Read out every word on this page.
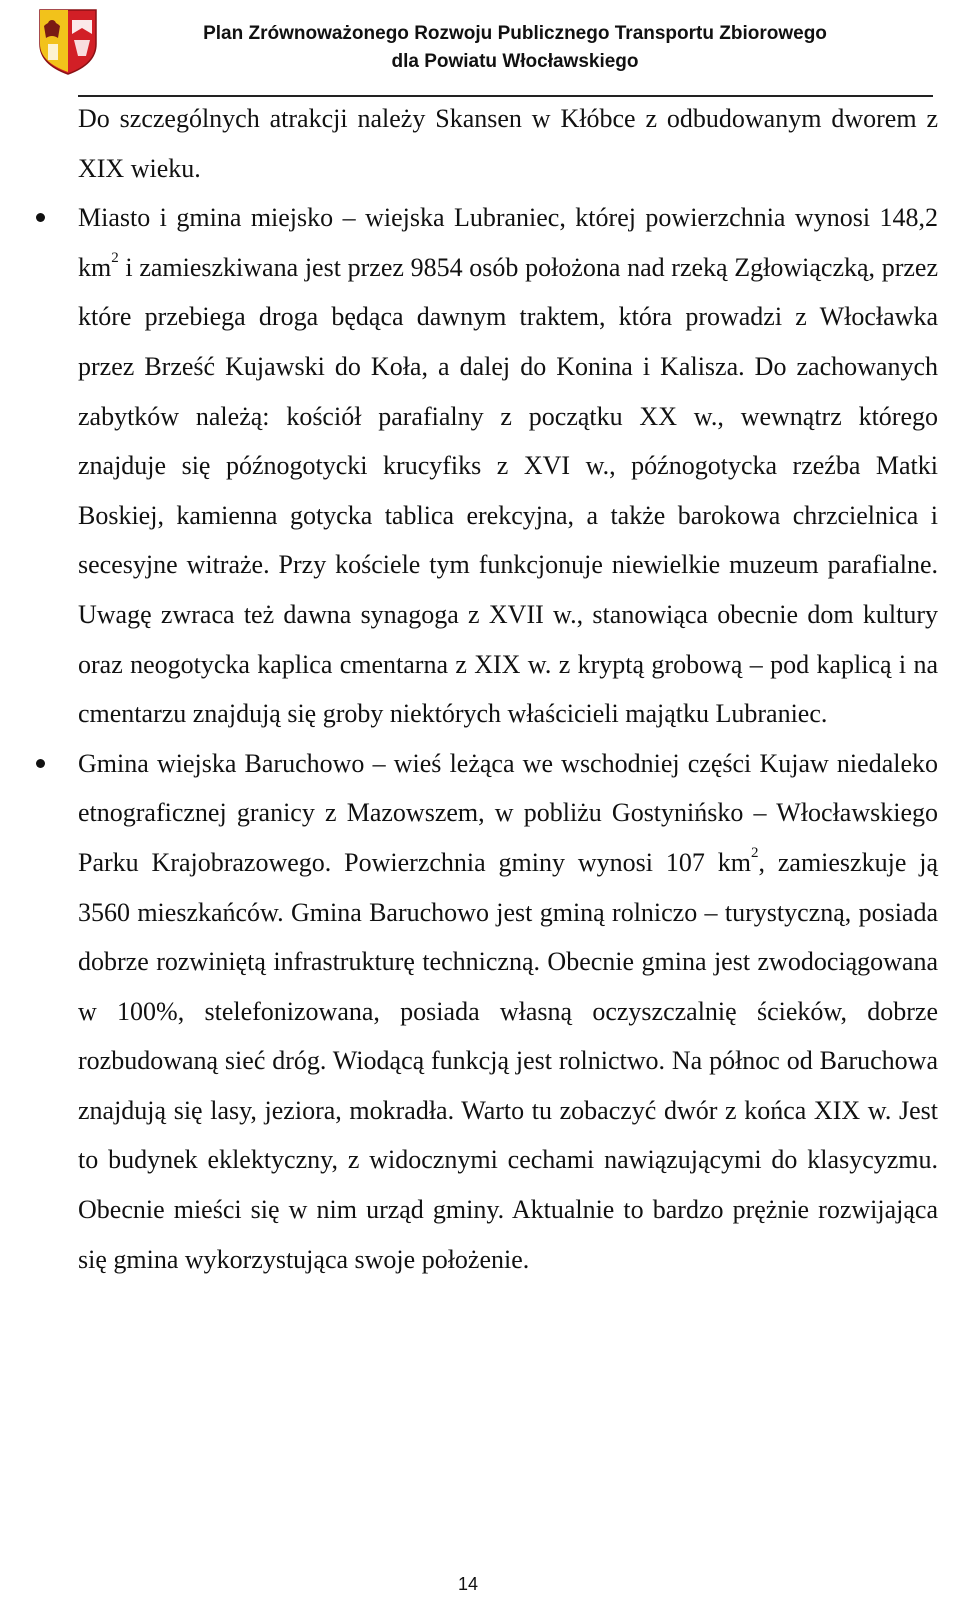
Plan Zrównoważonego Rozwoju Publicznego Transportu Zbiorowego
dla Powiatu Włocławskiego

Do szczególnych atrakcji należy Skansen w Kłóbce z odbudowanym dworem z XIX wieku.

Miasto i gmina miejsko – wiejska Lubraniec, której powierzchnia wynosi 148,2 $km^2$ i zamieszkiwana jest przez 9854 osób położona nad rzeką Zgłowiączką, przez które przebiega droga będąca dawnym traktem, która prowadzi z Włocławka przez Brześć Kujawski do Koła, a dalej do Konina i Kalisza. Do zachowanych zabytków należą: kościół parafialny z początku XX w., wewnątrz którego znajduje się późnogotycki krucyfiks z XVI w., późnogotycka rzeźba Matki Boskiej, kamienna gotycka tablica erekcyjna, a także barokowa chrzcielnica i secesyjne witraże. Przy kościele tym funkcjonuje niewielkie muzeum parafialne. Uwagę zwraca też dawna synagoga z XVII w., stanowiąca obecnie dom kultury oraz neogotycka kaplica cmentarna z XIX w. z kryptą grobową – pod kaplicą i na cmentarzu znajdują się groby niektórych właścicieli majątku Lubraniec.

Gmina wiejska Baruchowo – wieś leżąca we wschodniej części Kujaw niedaleko etnograficznej granicy z Mazowszem, w pobliżu Gostynińsko – Włocławskiego Parku Krajobrazowego. Powierzchnia gminy wynosi 107 $km^2$, zamieszkuje ją 3560 mieszkańców. Gmina Baruchowo jest gminą rolniczo – turystyczną, posiada dobrze rozwiniętą infrastrukturę techniczną. Obecnie gmina jest zwodociągowana w 100%, stelefonizowana, posiada własną oczyszczalnię ścieków, dobrze rozbudowaną sieć dróg. Wiodącą funkcją jest rolnictwo. Na północ od Baruchowa znajdują się lasy, jeziora, mokradła. Warto tu zobaczyć dwór z końca XIX w. Jest to budynek eklektyczny, z widocznymi cechami nawiązującymi do klasycyzmu. Obecnie mieści się w nim urząd gminy. Aktualnie to bardzo prężnie rozwijająca się gmina wykorzystująca swoje położenie.

14
